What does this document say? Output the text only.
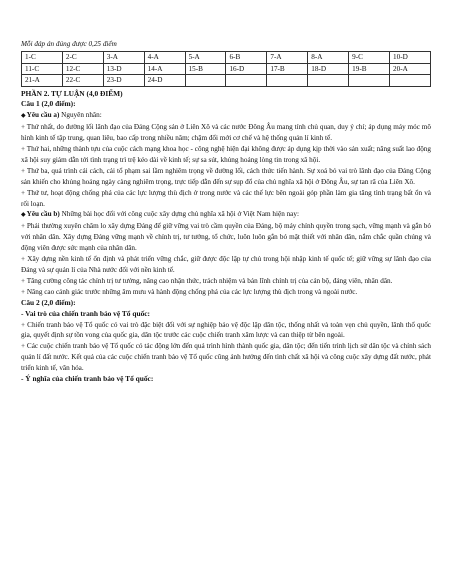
Mỗi đáp án đúng được 0,25 điểm

1-C	2-C	3-A	4-A	5-A	6-B	7-A	8-A	9-C	10-D
11-C	12-C	13-D	14-A	15-B	16-D	17-B	18-D	19-B	20-A
21-A	22-C	23-D	24-D						

PHẦN 2. TỰ LUẬN (4,0 ĐIỂM)

Câu 1 (2,0 điểm):

◆Yêu cầu a) Nguyên nhân:

+ Thứ nhất, do đường lối lãnh đạo của Đảng Cộng sản ở Liên Xô và các nước Đông Âu mang tính chủ quan, duy ý chí; áp dụng máy móc mô hình kinh tế tập trung, quan liêu, bao cấp trong nhiều năm; chậm đổi mới cơ chế và hệ thống quản lí kinh tế.

+ Thứ hai, những thành tựu của cuộc cách mạng khoa học - công nghệ hiện đại không được áp dụng kịp thời vào sản xuất; năng suất lao động xã hội suy giảm dẫn tới tình trạng trì trệ kéo dài về kinh tế; sự sa sút, khủng hoảng lòng tin trong xã hội.

+ Thứ ba, quá trình cải cách, cải tổ phạm sai lầm nghiêm trọng về đường lối, cách thức tiến hành. Sự xoá bỏ vai trò lãnh đạo của Đảng Cộng sản khiến cho khủng hoảng ngày càng nghiêm trọng, trực tiếp dẫn đến sự sụp đổ của chủ nghĩa xã hội ở Đông Âu, sự tan rã của Liên Xô.

+ Thứ tư, hoạt động chống phá của các lực lượng thù địch ở trong nước và các thế lực bên ngoài góp phần làm gia tăng tình trạng bất ổn và rối loạn.

◆Yêu cầu b) Những bài học đối với công cuộc xây dựng chủ nghĩa xã hội ở Việt Nam hiện nay:

+ Phải thường xuyên chăm lo xây dựng Đảng để giữ vững vai trò cầm quyền của Đảng, bộ máy chính quyền trong sạch, vững mạnh và gắn bó với nhân dân. Xây dựng Đảng vững mạnh về chính trị, tư tưởng, tổ chức, luôn luôn gắn bó mật thiết với nhân dân, nắm chắc quần chúng và động viên được sức mạnh của nhân dân.

+ Xây dựng nền kinh tế ổn định và phát triển vững chắc, giữ được độc lập tự chủ trong hội nhập kinh tế quốc tế; giữ vững sự lãnh đạo của Đảng và sự quản lí của Nhà nước đối với nền kinh tế.

+ Tăng cường công tác chính trị tư tưởng, nâng cao nhận thức, trách nhiệm và bản lĩnh chính trị của cán bộ, đảng viên, nhân dân.

+ Nâng cao cảnh giác trước những âm mưu và hành động chống phá của các lực lượng thù địch trong và ngoài nước.

Câu 2 (2,0 điểm):

- Vai trò của chiến tranh bảo vệ Tổ quốc:

+ Chiến tranh bảo vệ Tổ quốc có vai trò đặc biệt đối với sự nghiệp bảo vệ độc lập dân tộc, thống nhất và toàn vẹn chủ quyền, lãnh thổ quốc gia, quyết định sự tồn vong của quốc gia, dân tộc trước các cuộc chiến tranh xâm lược và can thiệp từ bên ngoài.

+ Các cuộc chiến tranh bảo vệ Tổ quốc có tác động lớn đến quá trình hình thành quốc gia, dân tộc; đến tiến trình lịch sử dân tộc và chính sách quản lí đất nước. Kết quả của các cuộc chiến tranh bảo vệ Tổ quốc cũng ảnh hưởng đến tình chất xã hội và công cuộc xây dựng đất nước, phát triển kinh tế, văn hóa.

- Ý nghĩa của chiến tranh bảo vệ Tổ quốc:
